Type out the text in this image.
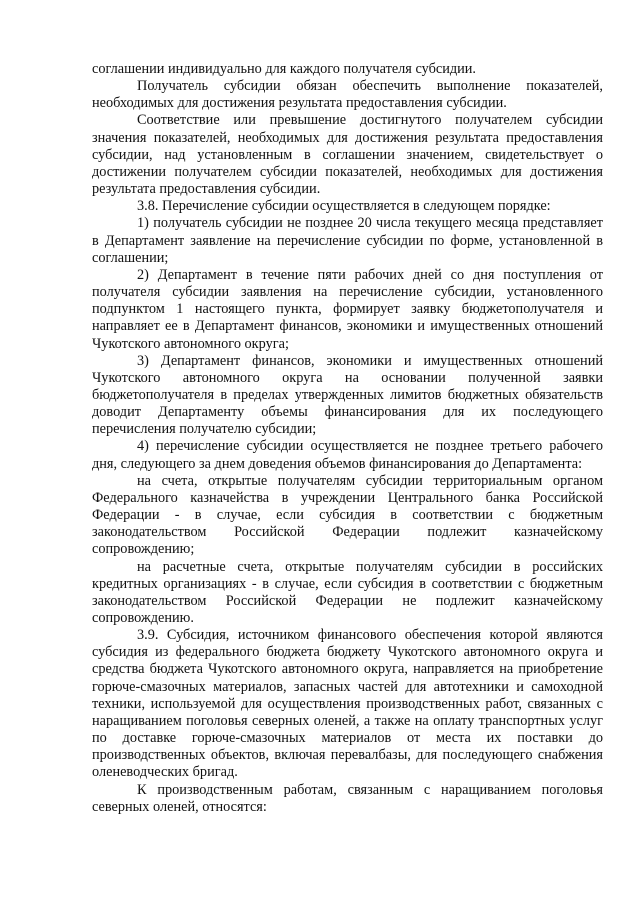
соглашении индивидуально для каждого получателя субсидии.

Получатель субсидии обязан обеспечить выполнение показателей, необходимых для достижения результата предоставления субсидии.

Соответствие или превышение достигнутого получателем субсидии значения показателей, необходимых для достижения результата предоставления субсидии, над установленным в соглашении значением, свидетельствует о достижении получателем субсидии показателей, необходимых для достижения результата предоставления субсидии.

3.8. Перечисление субсидии осуществляется в следующем порядке:

1) получатель субсидии не позднее 20 числа текущего месяца представляет в Департамент заявление на перечисление субсидии по форме, установленной в соглашении;

2) Департамент в течение пяти рабочих дней со дня поступления от получателя субсидии заявления на перечисление субсидии, установленного подпунктом 1 настоящего пункта, формирует заявку бюджетополучателя и направляет ее в Департамент финансов, экономики и имущественных отношений Чукотского автономного округа;

3) Департамент финансов, экономики и имущественных отношений Чукотского автономного округа на основании полученной заявки бюджетополучателя в пределах утвержденных лимитов бюджетных обязательств доводит Департаменту объемы финансирования для их последующего перечисления получателю субсидии;

4) перечисление субсидии осуществляется не позднее третьего рабочего дня, следующего за днем доведения объемов финансирования до Департамента:

на счета, открытые получателям субсидии территориальным органом Федерального казначейства в учреждении Центрального банка Российской Федерации - в случае, если субсидия в соответствии с бюджетным законодательством Российской Федерации подлежит казначейскому сопровождению;

на расчетные счета, открытые получателям субсидии в российских кредитных организациях - в случае, если субсидия в соответствии с бюджетным законодательством Российской Федерации не подлежит казначейскому сопровождению.

3.9. Субсидия, источником финансового обеспечения которой являются субсидия из федерального бюджета бюджету Чукотского автономного округа и средства бюджета Чукотского автономного округа, направляется на приобретение горюче-смазочных материалов, запасных частей для автотехники и самоходной техники, используемой для осуществления производственных работ, связанных с наращиванием поголовья северных оленей, а также на оплату транспортных услуг по доставке горюче-смазочных материалов от места их поставки до производственных объектов, включая перевалбазы, для последующего снабжения оленеводческих бригад.

К производственным работам, связанным с наращиванием поголовья северных оленей, относятся:
